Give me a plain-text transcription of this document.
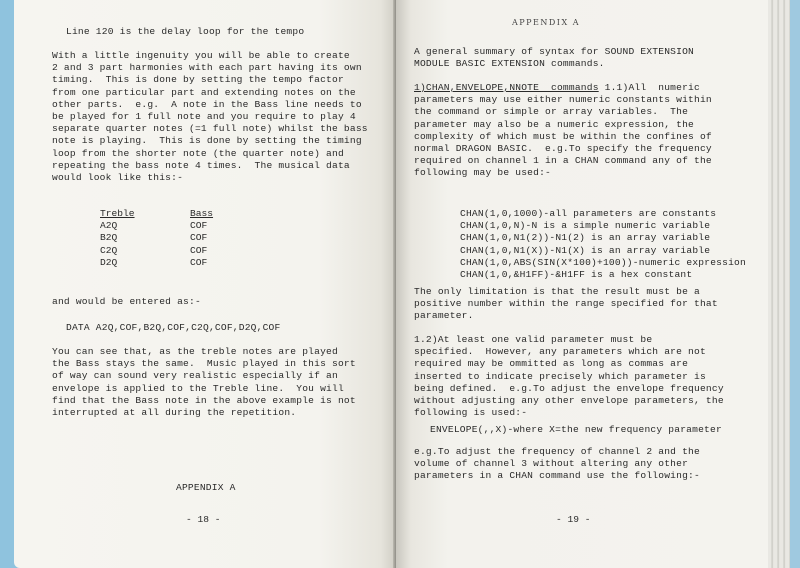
Line 120 is the delay loop for the tempo
With a little ingenuity you will be able to create
2 and 3 part harmonies with each part having its own
timing.  This is done by setting the tempo factor
from one particular part and extending notes on the
other parts.  e.g.  A note in the Bass line needs to
be played for 1 full note and you require to play 4
separate quarter notes (=1 full note) whilst the bass
note is playing.  This is done by setting the timing
loop from the shorter note (the quarter note) and
repeating the bass note 4 times.  The musical data
would look like this:-
Treble	Bass
A2Q	COF
B2Q	COF
C2Q	COF
D2Q	COF
and would be entered as:-
DATA A2Q,COF,B2Q,COF,C2Q,COF,D2Q,COF
You can see that, as the treble notes are played
the Bass stays the same.  Music played in this sort
of way can sound very realistic especially if an
envelope is applied to the Treble line.  You will
find that the Bass note in the above example is not
interrupted at all during the repetition.
APPENDIX A
- 18 -
APPENDIX A
A general summary of syntax for SOUND EXTENSION
MODULE BASIC EXTENSION commands.
1)CHAN,ENVELOPE,NNOTE  commands 1.1)All  numeric
parameters may use either numeric constants within
the command or simple or array variables.  The
parameter may also be a numeric expression, the
complexity of which must be within the confines of
normal DRAGON BASIC.  e.g.To specify the frequency
required on channel 1 in a CHAN command any of the
following may be used:-
CHAN(1,0,1000)-all parameters are constants
CHAN(1,0,N)-N is a simple numeric variable
CHAN(1,0,N1(2))-N1(2) is an array variable
CHAN(1,0,N1(X))-N1(X) is an array variable
CHAN(1,0,ABS(SIN(X*100)+100))-numeric expression
CHAN(1,0,&H1FF)-&H1FF is a hex constant
The only limitation is that the result must be a
positive number within the range specified for that
parameter.
1.2)At least one valid parameter must be
specified.  However, any parameters which are not
required may be ommitted as long as commas are
inserted to indicate precisely which parameter is
being defined.  e.g.To adjust the envelope frequency
without adjusting any other envelope parameters, the
following is used:-
ENVELOPE(,,X)-where X=the new frequency parameter
e.g.To adjust the frequency of channel 2 and the
volume of channel 3 without altering any other
parameters in a CHAN command use the following:-
- 19 -
